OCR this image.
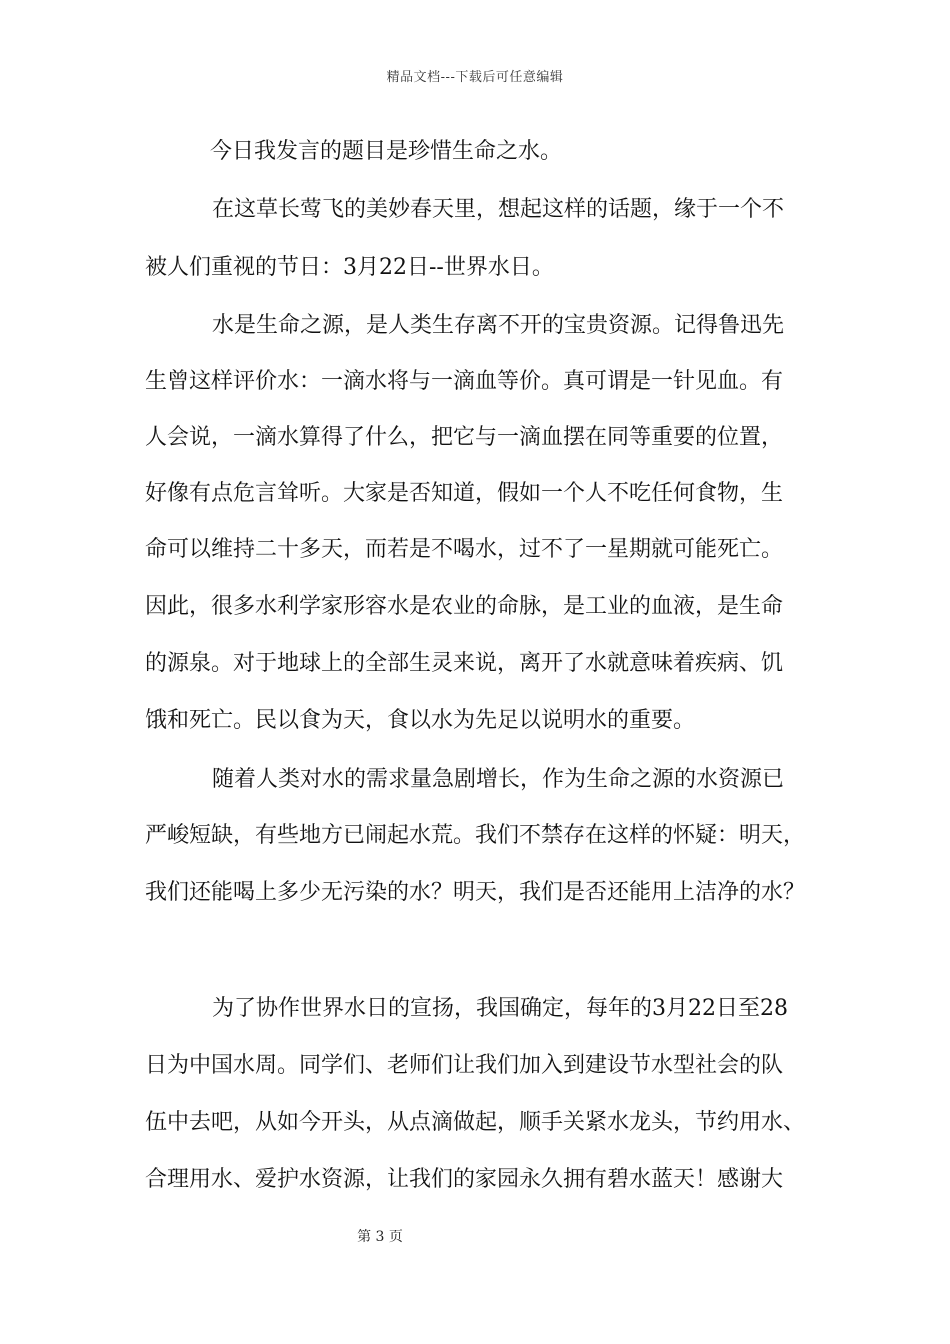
精品文档---下载后可任意编辑
今日我发言的题目是珍惜生命之水。
在这草长莺飞的美妙春天里，想起这样的话题，缘于一个不
被人们重视的节日：3月22日--世界水日。
水是生命之源，是人类生存离不开的宝贵资源。记得鲁迅先
生曾这样评价水：一滴水将与一滴血等价。真可谓是一针见血。有
人会说，一滴水算得了什么，把它与一滴血摆在同等重要的位置，
好像有点危言耸听。大家是否知道，假如一个人不吃任何食物，生
命可以维持二十多天，而若是不喝水，过不了一星期就可能死亡。
因此，很多水利学家形容水是农业的命脉，是工业的血液，是生命
的源泉。对于地球上的全部生灵来说，离开了水就意味着疾病、饥
饿和死亡。民以食为天，食以水为先足以说明水的重要。
随着人类对水的需求量急剧增长，作为生命之源的水资源已
严峻短缺，有些地方已闹起水荒。我们不禁存在这样的怀疑：明天，
我们还能喝上多少无污染的水？明天，我们是否还能用上洁净的水？
为了协作世界水日的宣扬，我国确定，每年的3月22日至28
日为中国水周。同学们、老师们让我们加入到建设节水型社会的队
伍中去吧，从如今开头，从点滴做起，顺手关紧水龙头，节约用水、
合理用水、爱护水资源，让我们的家园永久拥有碧水蓝天！感谢大
第 3 页
